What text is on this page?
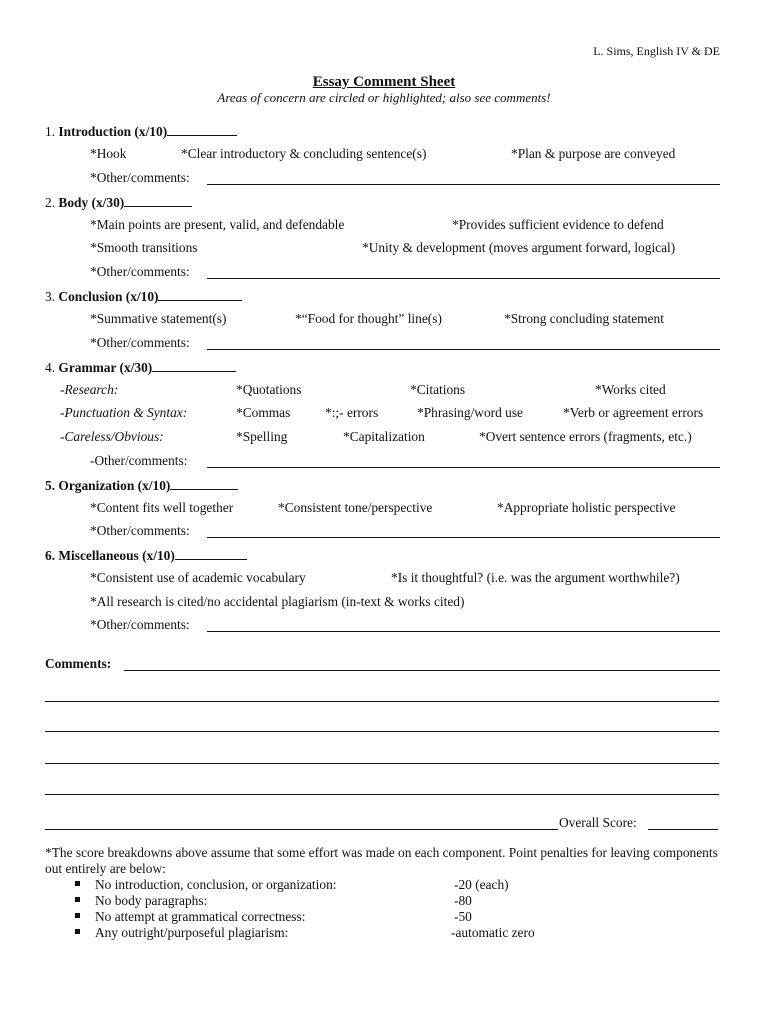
L. Sims, English IV & DE
Essay Comment Sheet
Areas of concern are circled or highlighted; also see comments!
1. Introduction (x/10)
*Hook	*Clear introductory & concluding sentence(s)	*Plan & purpose are conveyed
*Other/comments:
2. Body (x/30)
*Main points are present, valid, and defendable	*Provides sufficient evidence to defend
*Smooth transitions	*Unity & development (moves argument forward, logical)
*Other/comments:
3. Conclusion (x/10)
*Summative statement(s)	*“Food for thought” line(s)	*Strong concluding statement
*Other/comments:
4. Grammar (x/30)
-Research:	*Quotations	*Citations	*Works cited
-Punctuation & Syntax:	*Commas	*:;- errors	*Phrasing/word use	*Verb or agreement errors
-Careless/Obvious:	*Spelling	*Capitalization	*Overt sentence errors (fragments, etc.)
-Other/comments:
5. Organization (x/10)
*Content fits well together	*Consistent tone/perspective	*Appropriate holistic perspective
*Other/comments:
6. Miscellaneous (x/10)
*Consistent use of academic vocabulary	*Is it thoughtful? (i.e. was the argument worthwhile?)
*All research is cited/no accidental plagiarism (in-text & works cited)
*Other/comments:
Comments:
Overall Score:
*The score breakdowns above assume that some effort was made on each component. Point penalties for leaving components out entirely are below:
No introduction, conclusion, or organization:	-20 (each)
No body paragraphs:	-80
No attempt at grammatical correctness:	-50
Any outright/purposeful plagiarism:	-automatic zero
